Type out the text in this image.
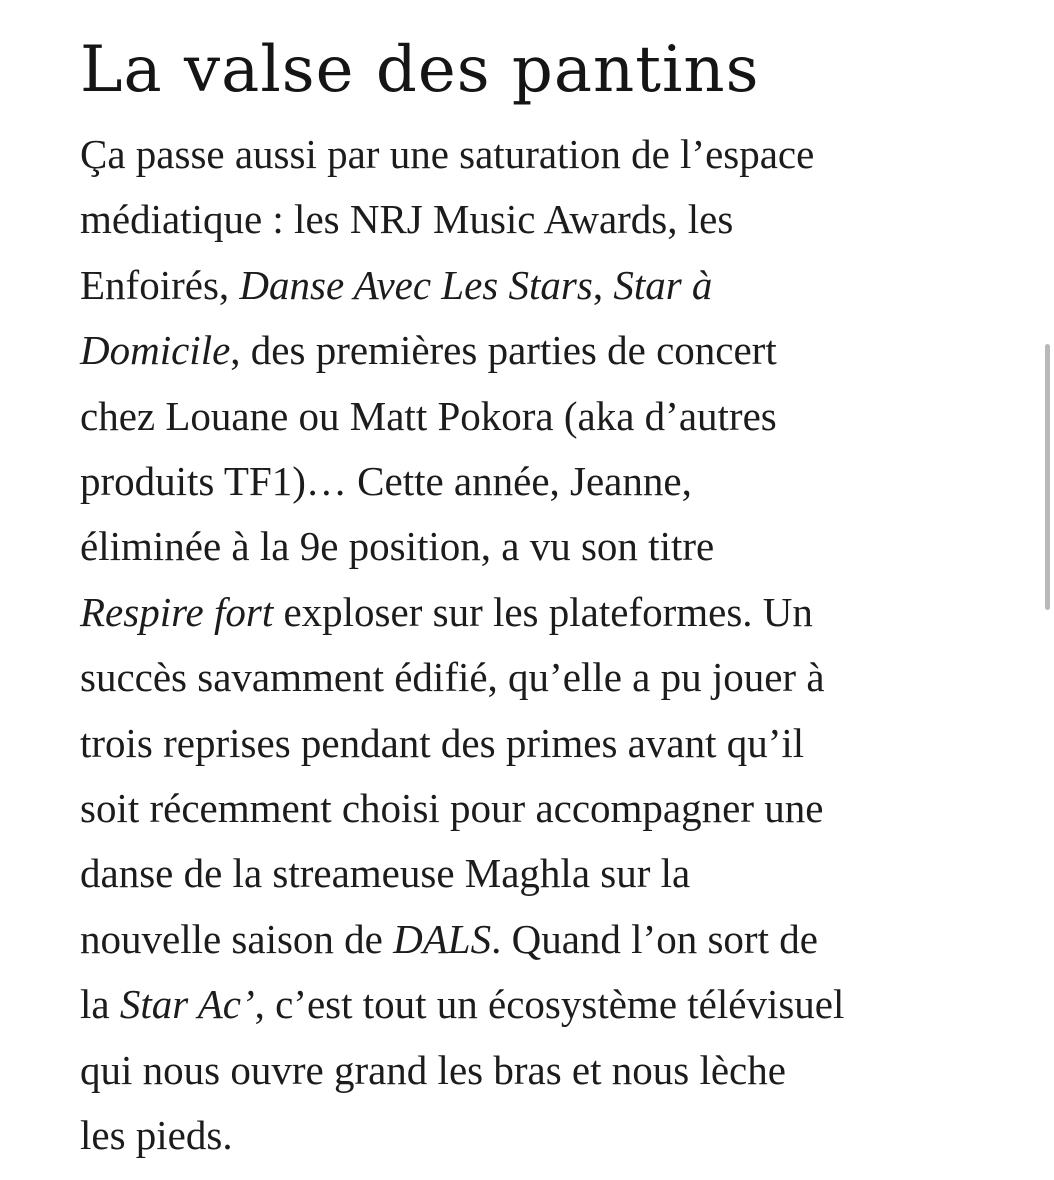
La valse des pantins

Ça passe aussi par une saturation de l’espace
médiatique : les NRJ Music Awards, les
Enfoirés, Danse Avec Les Stars, Star à
Domicile, des premières parties de concert
chez Louane ou Matt Pokora (aka d’autres
produits TF1)… Cette année, Jeanne,
éliminée à la 9e position, a vu son titre
Respire fort exploser sur les plateformes. Un
succès savamment édifié, qu’elle a pu jouer à
trois reprises pendant des primes avant qu’il
soit récemment choisi pour accompagner une
danse de la streameuse Maghla sur la
nouvelle saison de DALS. Quand l’on sort de
la Star Ac’, c’est tout un écosystème télévisuel
qui nous ouvre grand les bras et nous lèche
les pieds.
